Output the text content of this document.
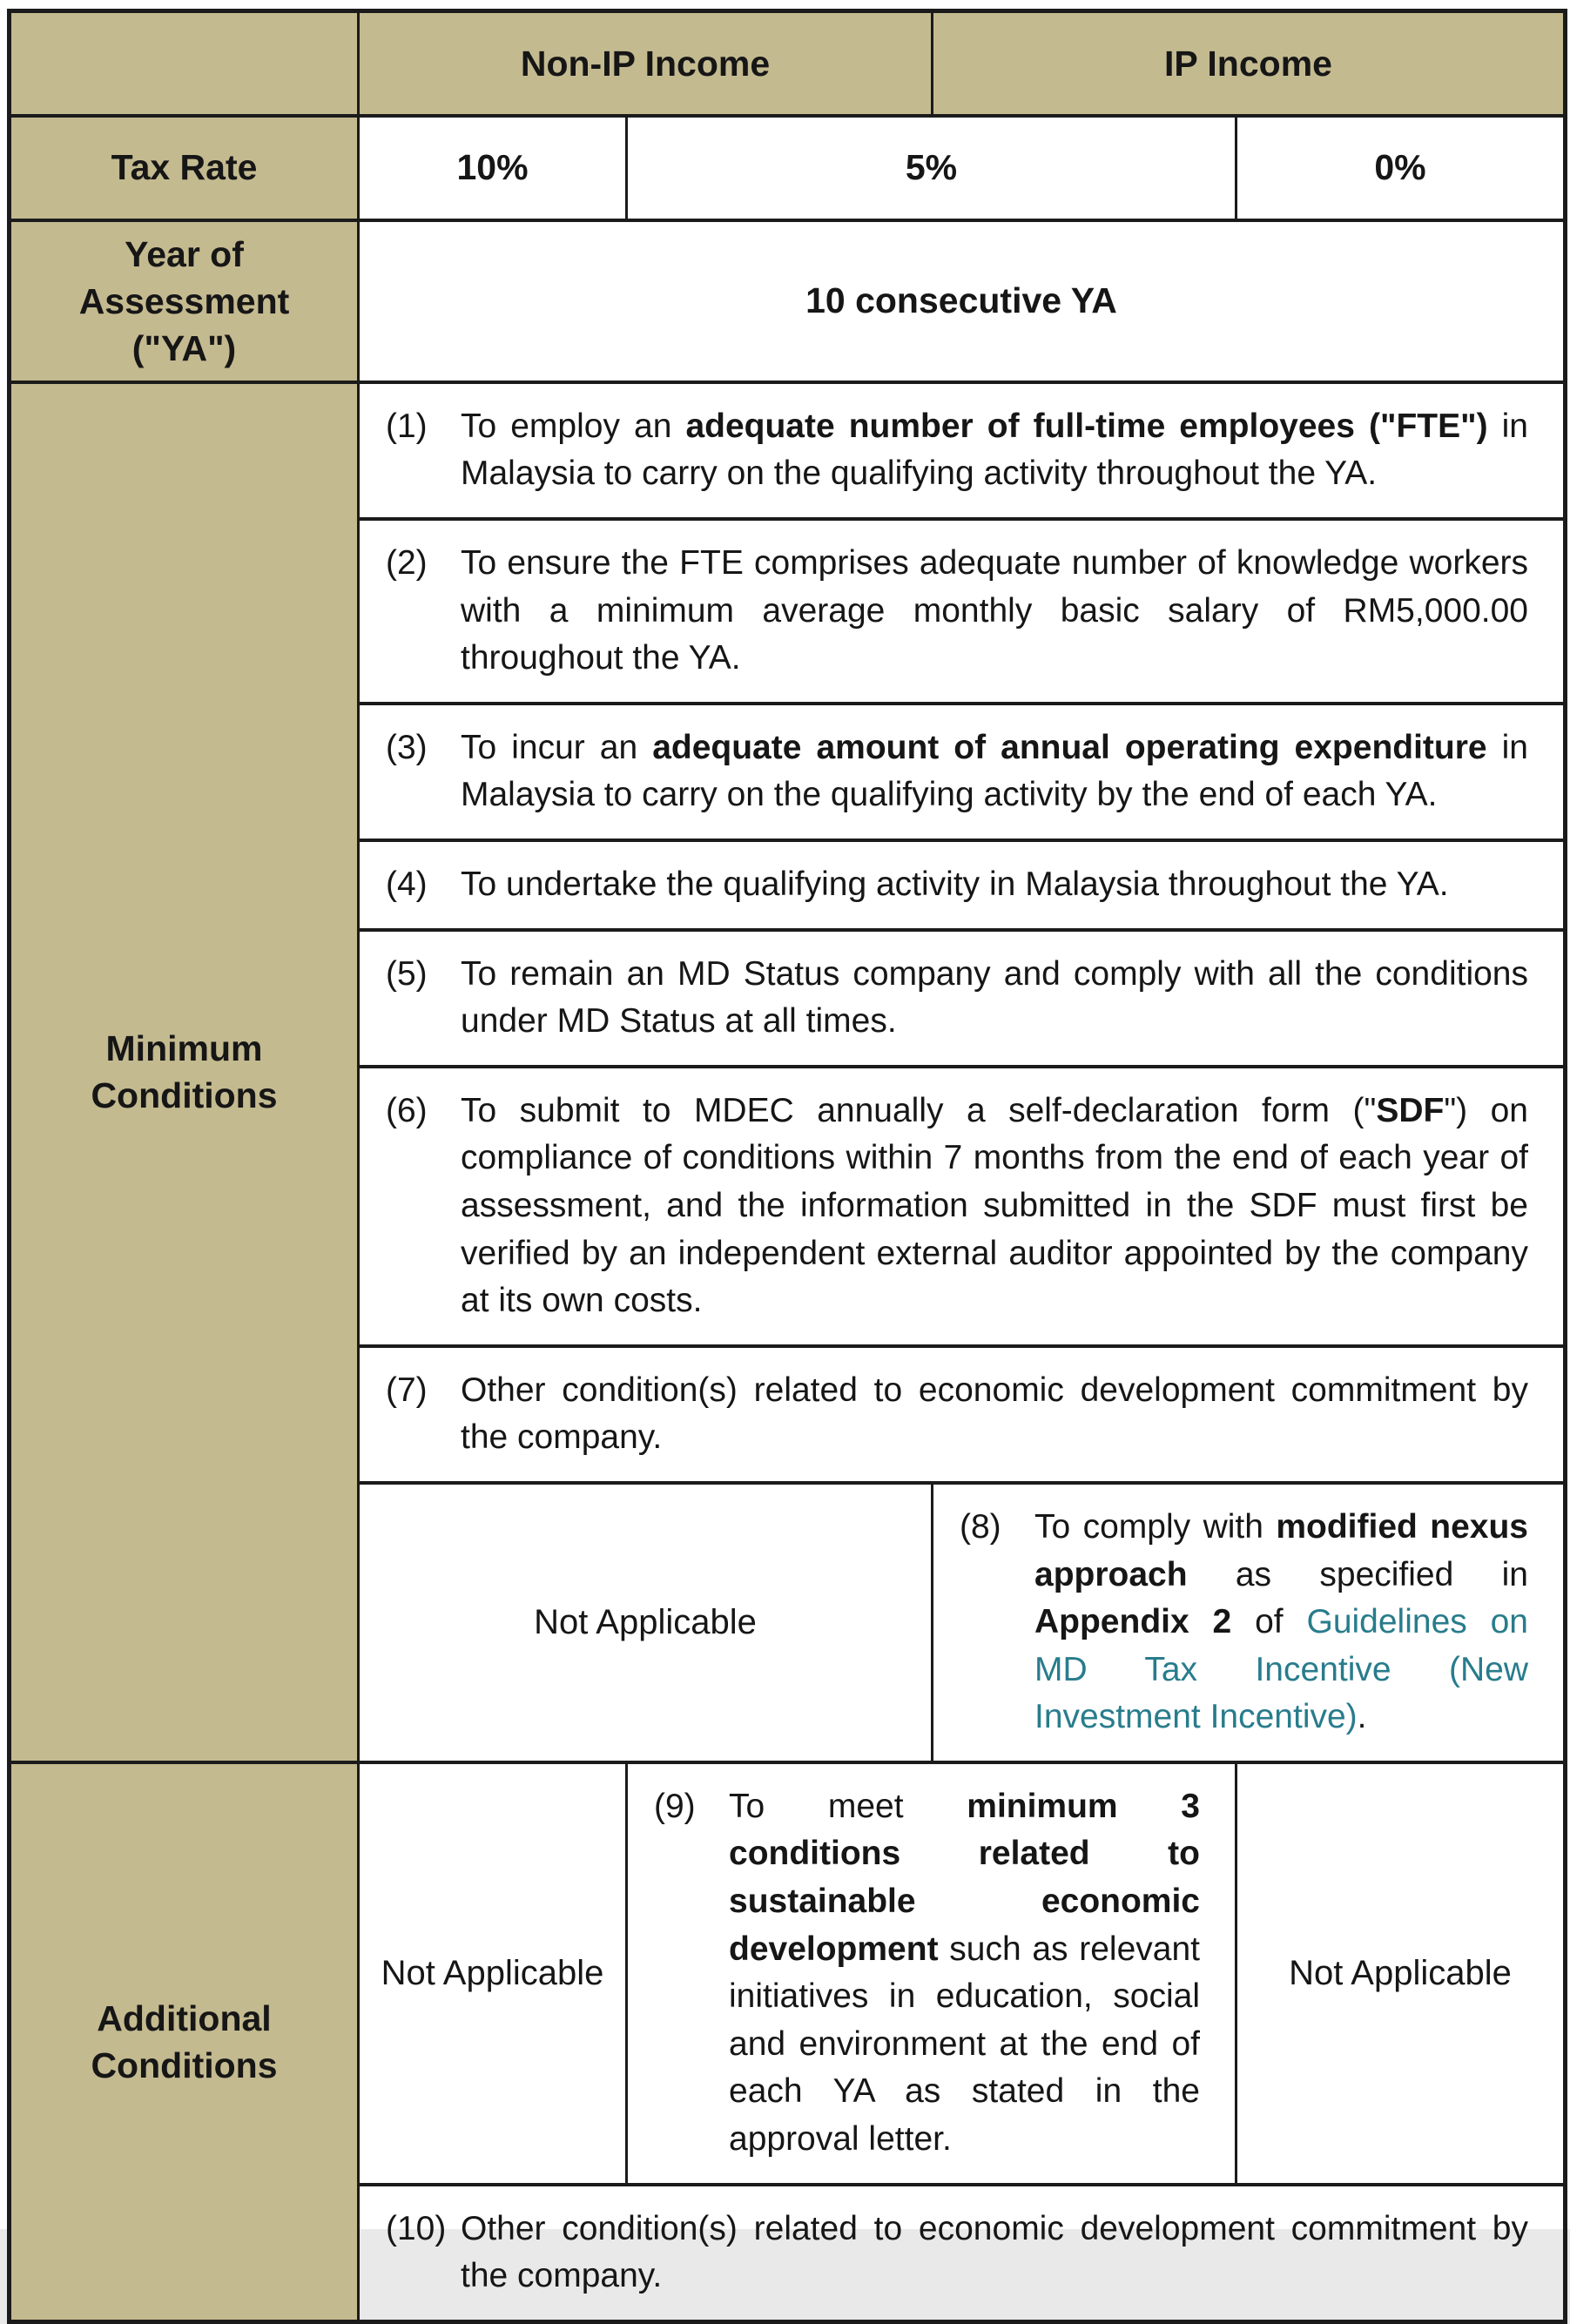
	Non-IP Income		IP Income	

Tax Rate	10%	5%		0%

Year of Assessment ("YA")	10 consecutive YA			

Minimum Conditions	(1) To employ an adequate number of full-time employees ("FTE") in Malaysia to carry on the qualifying activity throughout the YA.			

	(2) To ensure the FTE comprises adequate number of knowledge workers with a minimum average monthly basic salary of RM5,000.00 throughout the YA.			

	(3) To incur an adequate amount of annual operating expenditure in Malaysia to carry on the qualifying activity by the end of each YA.			

	(4) To undertake the qualifying activity in Malaysia throughout the YA.			

	(5) To remain an MD Status company and comply with all the conditions under MD Status at all times.			

	(6) To submit to MDEC annually a self-declaration form ("SDF") on compliance of conditions within 7 months from the end of each year of assessment, and the information submitted in the SDF must first be verified by an independent external auditor appointed by the company at its own costs.			

	(7) Other condition(s) related to economic development commitment by the company.			

	Not Applicable		(8) To comply with modified nexus approach as specified in Appendix 2 of Guidelines on MD Tax Incentive (New Investment Incentive).	

Additional Conditions	Not Applicable	(9) To meet minimum 3 conditions related to sustainable economic development such as relevant initiatives in education, social and environment at the end of each YA as stated in the approval letter.		Not Applicable

	(10) Other condition(s) related to economic development commitment by the company.			
